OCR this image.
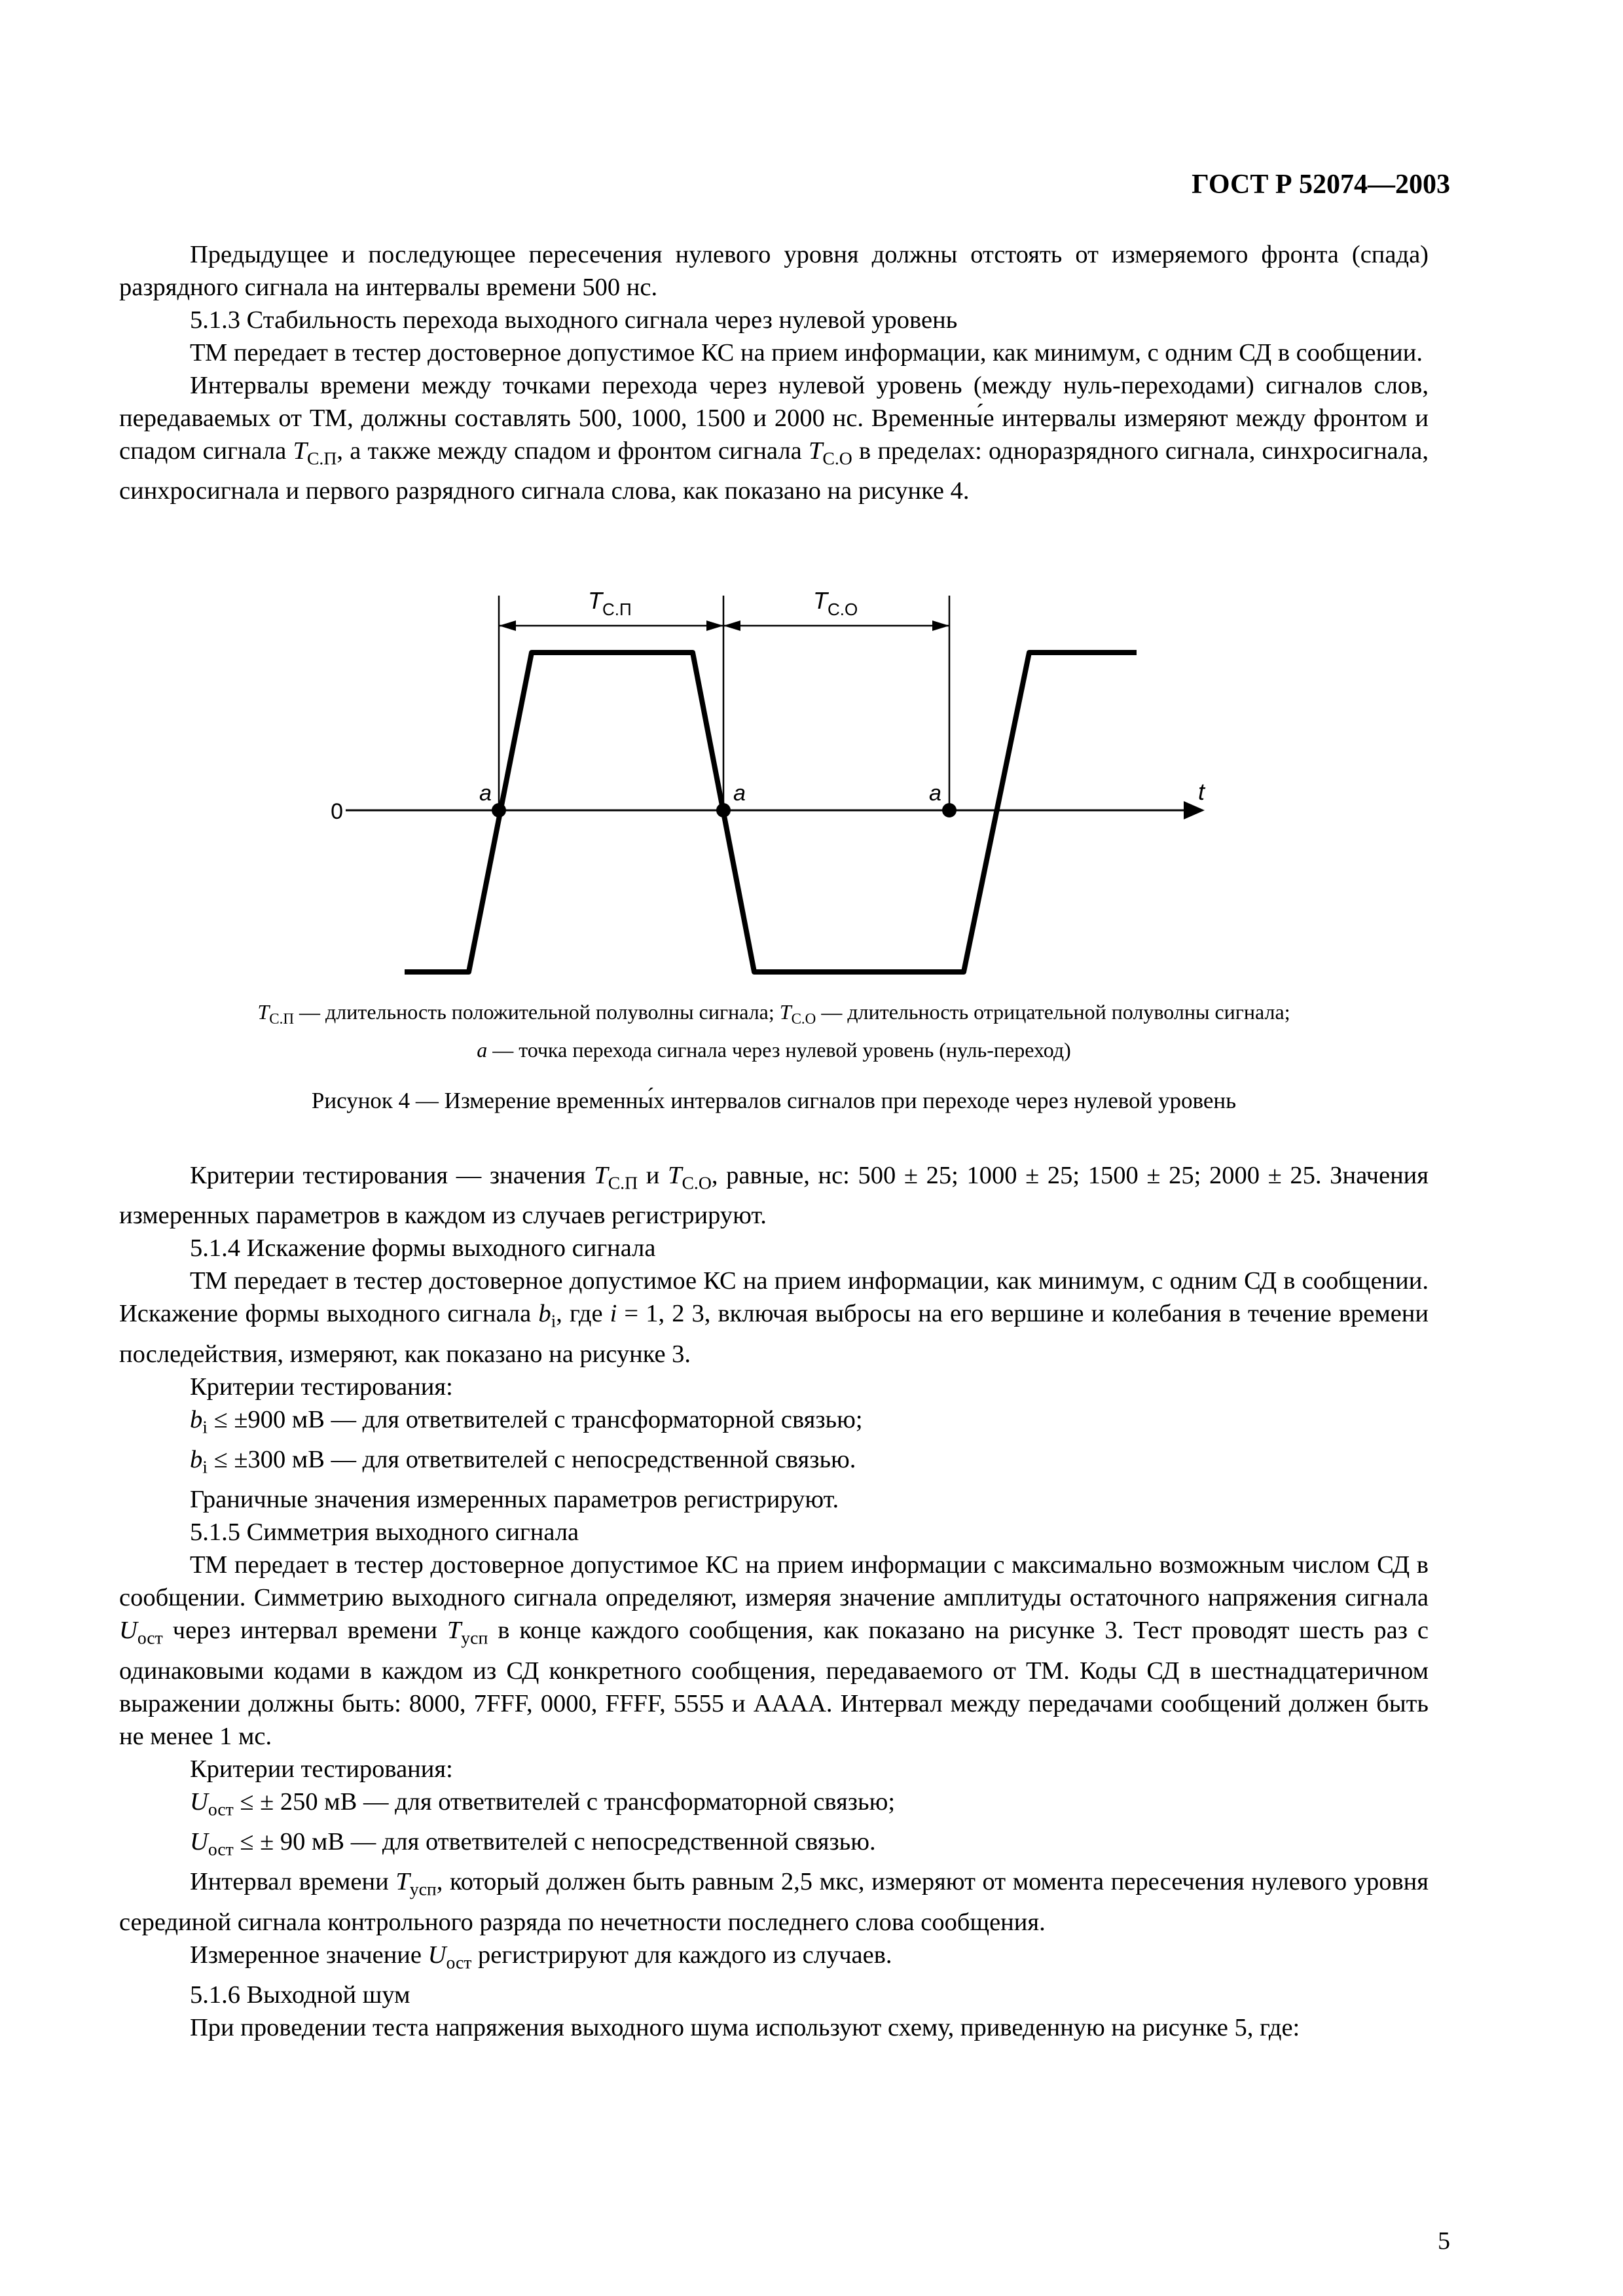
ГОСТ Р 52074—2003

Предыдущее и последующее пересечения нулевого уровня должны отстоять от измеряемого фронта (спада) разрядного сигнала на интервалы времени 500 нс.

5.1.3 Стабильность перехода выходного сигнала через нулевой уровень

ТМ передает в тестер достоверное допустимое КС на прием информации, как минимум, с одним СД в сообщении.

Интервалы времени между точками перехода через нулевой уровень (между нуль-переходами) сигналов слов, передаваемых от ТМ, должны составлять 500, 1000, 1500 и 2000 нс. Временны́е интервалы измеряют между фронтом и спадом сигнала $T_{С.П}$, а также между спадом и фронтом сигнала $T_{С.О}$ в пределах: одноразрядного сигнала, синхросигнала, синхросигнала и первого разрядного сигнала слова, как показано на рисунке 4.

$T_{С.П}$	$T_{С.О}$
0
t
a	a	a
$T_{С.П}$ — длительность положительной полуволны сигнала; $T_{С.О}$ — длительность отрицательной полуволны сигнала;
a — точка перехода сигнала через нулевой уровень (нуль-переход)
Рисунок 4 — Измерение временны́х интервалов сигналов при переходе через нулевой уровень

Критерии тестирования — значения $T_{С.П}$ и $T_{С.О}$, равные, нс: 500 ± 25; 1000 ± 25; 1500 ± 25; 2000 ± 25. Значения измеренных параметров в каждом из случаев регистрируют.

5.1.4 Искажение формы выходного сигнала

ТМ передает в тестер достоверное допустимое КС на прием информации, как минимум, с одним СД в сообщении. Искажение формы выходного сигнала $b_i$, где i = 1, 2 3, включая выбросы на его вершине и колебания в течение времени последействия, измеряют, как показано на рисунке 3.

Критерии тестирования:

$b_i \le \pm 900$ мВ — для ответвителей с трансформаторной связью;

$b_i \le \pm 300$ мВ — для ответвителей с непосредственной связью.

Граничные значения измеренных параметров регистрируют.

5.1.5 Симметрия выходного сигнала

ТМ передает в тестер достоверное допустимое КС на прием информации с максимально возможным числом СД в сообщении. Симметрию выходного сигнала определяют, измеряя значение амплитуды остаточного напряжения сигнала $U_{ост}$ через интервал времени $T_{усп}$ в конце каждого сообщения, как показано на рисунке 3. Тест проводят шесть раз с одинаковыми кодами в каждом из СД конкретного сообщения, передаваемого от ТМ. Коды СД в шестнадцатеричном выражении должны быть: 8000, 7FFF, 0000, FFFF, 5555 и AAAA. Интервал между передачами сообщений должен быть не менее 1 мс.

Критерии тестирования:

$U_{ост}$ ≤ ± 250 мВ — для ответвителей с трансформаторной связью;

$U_{ост}$ ≤ ± 90 мВ — для ответвителей с непосредственной связью.

Интервал времени $T_{усп}$, который должен быть равным 2,5 мкс, измеряют от момента пересечения нулевого уровня серединой сигнала контрольного разряда по нечетности последнего слова сообщения.

Измеренное значение $U_{ост}$ регистрируют для каждого из случаев.

5.1.6 Выходной шум

При проведении теста напряжения выходного шума используют схему, приведенную на рисунке 5, где:

5
